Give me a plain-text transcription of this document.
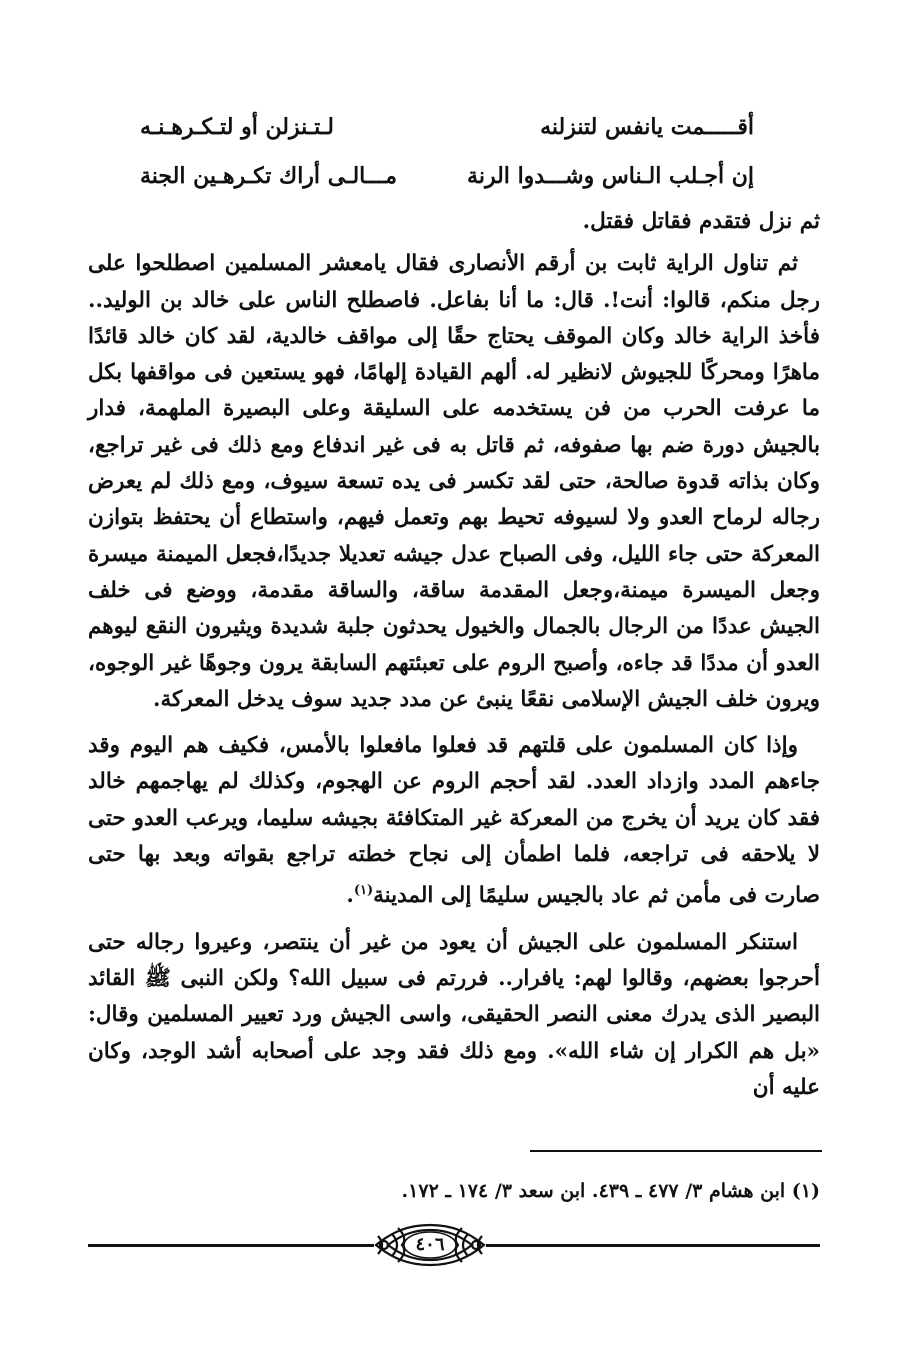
أقـــــمت يانفس لتنزلنه
لـتـنزلن أو لتـكـرهـنـه
إن أجـلب الـناس وشـــدوا الرنة
مـــالـى أراك تكـرهـين الجنة

ثم نزل فتقدم فقاتل فقتل.

ثم تناول الراية ثابت بن أرقم الأنصارى فقال يامعشر المسلمين اصطلحوا على رجل منكم، قالوا: أنت!. قال: ما أنا بفاعل. فاصطلح الناس على خالد بن الوليد.. فأخذ الراية خالد وكان الموقف يحتاج حقًا إلى مواقف خالدية، لقد كان خالد قائدًا ماهرًا ومحركًا للجيوش لانظير له. ألهم القيادة إلهامًا، فهو يستعين فى مواقفها بكل ما عرفت الحرب من فن يستخدمه على السليقة وعلى البصيرة الملهمة، فدار بالجيش دورة ضم بها صفوفه، ثم قاتل به فى غير اندفاع ومع ذلك فى غير تراجع، وكان بذاته قدوة صالحة، حتى لقد تكسر فى يده تسعة سيوف، ومع ذلك لم يعرض رجاله لرماح العدو ولا لسيوفه تحيط بهم وتعمل فيهم، واستطاع أن يحتفظ بتوازن المعركة حتى جاء الليل، وفى الصباح عدل جيشه تعديلا جديدًا،فجعل الميمنة ميسرة وجعل الميسرة ميمنة،وجعل المقدمة ساقة، والساقة مقدمة، ووضع فى خلف الجيش عددًا من الرجال بالجمال والخيول يحدثون جلبة شديدة ويثيرون النقع ليوهم العدو أن مددًا قد جاءه، وأصبح الروم على تعبئتهم السابقة يرون وجوهًا غير الوجوه، ويرون خلف الجيش الإسلامى نقعًا ينبئ عن مدد جديد سوف يدخل المعركة.

وإذا كان المسلمون على قلتهم قد فعلوا مافعلوا بالأمس، فكيف هم اليوم وقد جاءهم المدد وازداد العدد. لقد أحجم الروم عن الهجوم، وكذلك لم يهاجمهم خالد فقد كان يريد أن يخرج من المعركة غير المتكافئة بجيشه سليما، ويرعب العدو حتى لا يلاحقه فى تراجعه، فلما اطمأن إلى نجاح خطته تراجع بقواته وبعد بها حتى صارت فى مأمن ثم عاد بالجيس سليمًا إلى المدينة$^{(١)}$.

استنكر المسلمون على الجيش أن يعود من غير أن ينتصر، وعيروا رجاله حتى أحرجوا بعضهم، وقالوا لهم: يافرار.. فررتم فى سبيل الله؟ ولكن النبى ﷺ القائد البصير الذى يدرك معنى النصر الحقيقى، واسى الجيش ورد تعيير المسلمين وقال: «بل هم الكرار إن شاء الله». ومع ذلك فقد وجد على أصحابه أشد الوجد، وكان عليه أن

(١) ابن هشام ٣/ ٤٧٧ ـ ٤٣٩. ابن سعد ٣/ ١٧٤ ـ ١٧٢.
٤٠٦
